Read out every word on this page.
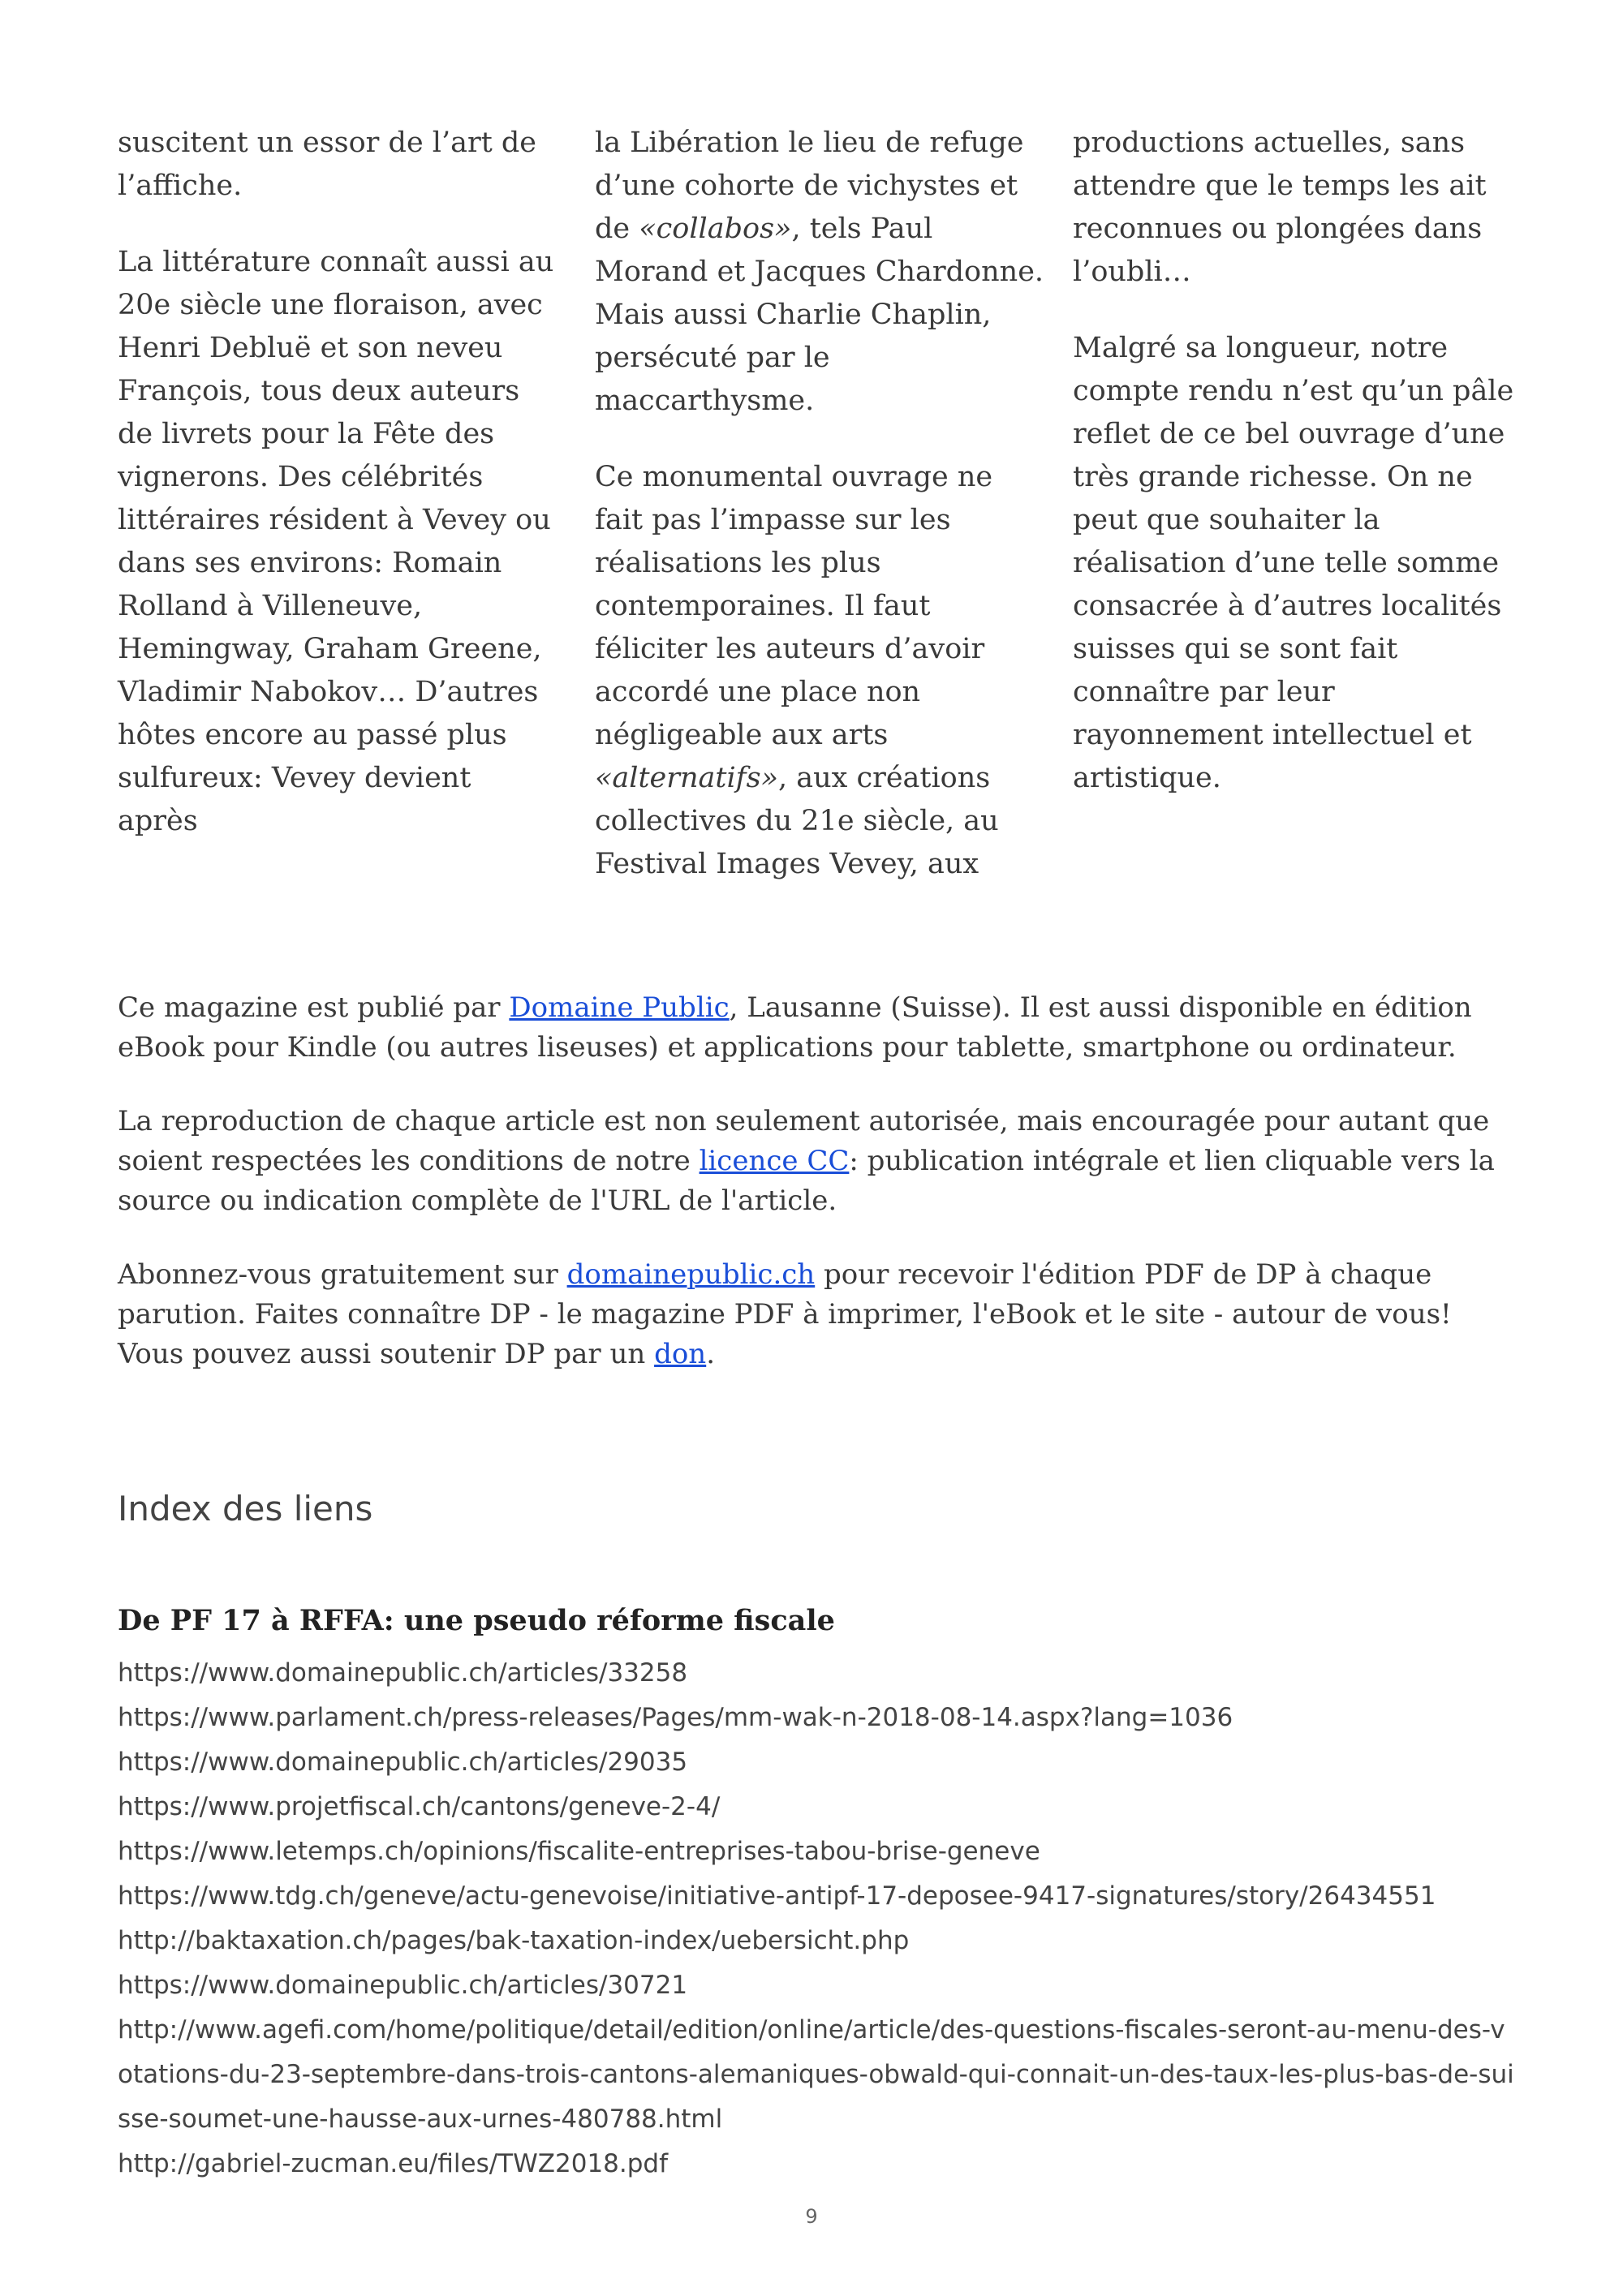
suscitent un essor de l’art de l’affiche.

La littérature connaît aussi au 20e siècle une floraison, avec Henri Debluë et son neveu François, tous deux auteurs de livrets pour la Fête des vignerons. Des célébrités littéraires résident à Vevey ou dans ses environs: Romain Rolland à Villeneuve, Hemingway, Graham Greene, Vladimir Nabokov… D’autres hôtes encore au passé plus sulfureux: Vevey devient après

la Libération le lieu de refuge d’une cohorte de vichystes et de «collabos», tels Paul Morand et Jacques Chardonne. Mais aussi Charlie Chaplin, persécuté par le maccarthysme.

Ce monumental ouvrage ne fait pas l’impasse sur les réalisations les plus contemporaines. Il faut féliciter les auteurs d’avoir accordé une place non négligeable aux arts «alternatifs», aux créations collectives du 21e siècle, au Festival Images Vevey, aux

productions actuelles, sans attendre que le temps les ait reconnues ou plongées dans l’oubli…

Malgré sa longueur, notre compte rendu n’est qu’un pâle reflet de ce bel ouvrage d’une très grande richesse. On ne peut que souhaiter la réalisation d’une telle somme consacrée à d’autres localités suisses qui se sont fait connaître par leur rayonnement intellectuel et artistique.

Ce magazine est publié par Domaine Public, Lausanne (Suisse). Il est aussi disponible en édition eBook pour Kindle (ou autres liseuses) et applications pour tablette, smartphone ou ordinateur.

La reproduction de chaque article est non seulement autorisée, mais encouragée pour autant que soient respectées les conditions de notre licence CC: publication intégrale et lien cliquable vers la source ou indication complète de l'URL de l'article.

Abonnez-vous gratuitement sur domainepublic.ch pour recevoir l'édition PDF de DP à chaque parution. Faites connaître DP - le magazine PDF à imprimer, l'eBook et le site - autour de vous! Vous pouvez aussi soutenir DP par un don.

Index des liens
De PF 17 à RFFA: une pseudo réforme fiscale
https://www.domainepublic.ch/articles/33258
https://www.parlament.ch/press-releases/Pages/mm-wak-n-2018-08-14.aspx?lang=1036
https://www.domainepublic.ch/articles/29035
https://www.projetfiscal.ch/cantons/geneve-2-4/
https://www.letemps.ch/opinions/fiscalite-entreprises-tabou-brise-geneve
https://www.tdg.ch/geneve/actu-genevoise/initiative-antipf-17-deposee-9417-signatures/story/26434551
http://baktaxation.ch/pages/bak-taxation-index/uebersicht.php
https://www.domainepublic.ch/articles/30721
http://www.agefi.com/home/politique/detail/edition/online/article/des-questions-fiscales-seront-au-menu-des-votations-du-23-septembre-dans-trois-cantons-alemaniques-obwald-qui-connait-un-des-taux-les-plus-bas-de-suisse-soumet-une-hausse-aux-urnes-480788.html
http://gabriel-zucman.eu/files/TWZ2018.pdf
9
